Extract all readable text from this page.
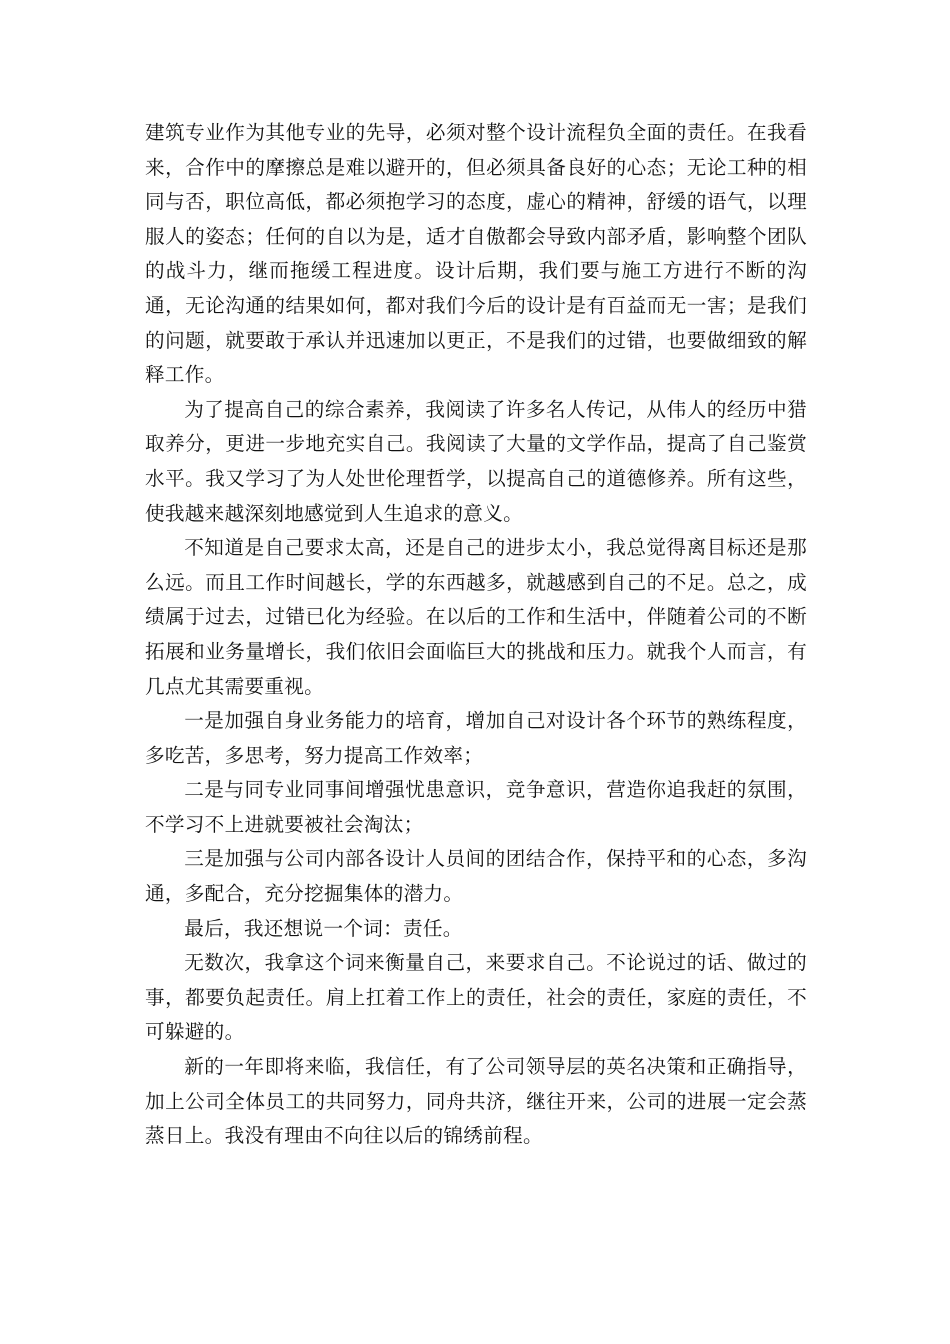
建筑专业作为其他专业的先导，必须对整个设计流程负全面的责任。在我看来，合作中的摩擦总是难以避开的，但必须具备良好的心态；无论工种的相同与否，职位高低，都必须抱学习的态度，虚心的精神，舒缓的语气，以理服人的姿态；任何的自以为是，适才自傲都会导致内部矛盾，影响整个团队的战斗力，继而拖缓工程进度。设计后期，我们要与施工方进行不断的沟通，无论沟通的结果如何，都对我们今后的设计是有百益而无一害；是我们的问题，就要敢于承认并迅速加以更正，不是我们的过错，也要做细致的解释工作。

为了提高自己的综合素养，我阅读了许多名人传记，从伟人的经历中猎取养分，更进一步地充实自己。我阅读了大量的文学作品，提高了自己鉴赏水平。我又学习了为人处世伦理哲学，以提高自己的道德修养。所有这些，使我越来越深刻地感觉到人生追求的意义。

不知道是自己要求太高，还是自己的进步太小，我总觉得离目标还是那么远。而且工作时间越长，学的东西越多，就越感到自己的不足。总之，成绩属于过去，过错已化为经验。在以后的工作和生活中，伴随着公司的不断拓展和业务量增长，我们依旧会面临巨大的挑战和压力。就我个人而言，有几点尤其需要重视。

一是加强自身业务能力的培育，增加自己对设计各个环节的熟练程度，多吃苦，多思考，努力提高工作效率；

二是与同专业同事间增强忧患意识，竞争意识，营造你追我赶的氛围，不学习不上进就要被社会淘汰；

三是加强与公司内部各设计人员间的团结合作，保持平和的心态，多沟通，多配合，充分挖掘集体的潜力。

最后，我还想说一个词：责任。

无数次，我拿这个词来衡量自己，来要求自己。不论说过的话、做过的事，都要负起责任。肩上扛着工作上的责任，社会的责任，家庭的责任，不可躲避的。

新的一年即将来临，我信任，有了公司领导层的英名决策和正确指导，加上公司全体员工的共同努力，同舟共济，继往开来，公司的进展一定会蒸蒸日上。我没有理由不向往以后的锦绣前程。
